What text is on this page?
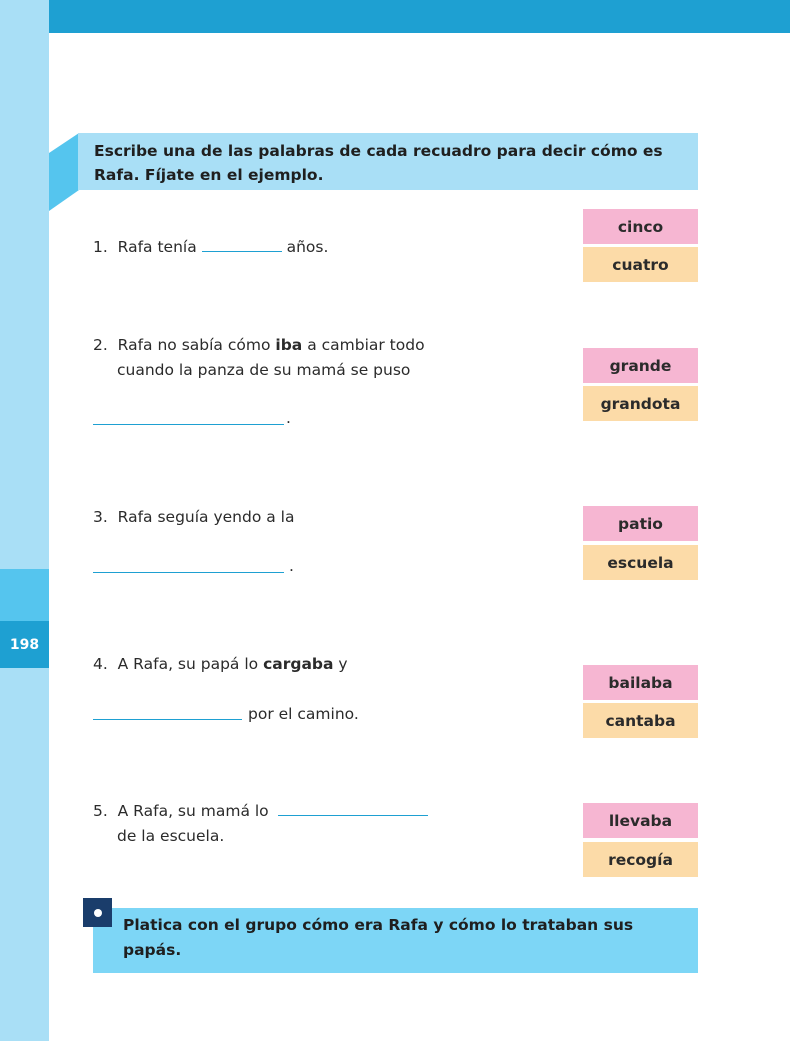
198
Escribe una de las palabras de cada recuadro para decir cómo es
Rafa. Fíjate en el ejemplo.
1. Rafa tenía	años.
cinco
cuatro
2. Rafa no sabía cómo iba a cambiar todo
cuando la panza de su mamá se puso
.
grande
grandota
3. Rafa seguía yendo a la
.
patio
escuela
4. A Rafa, su papá lo cargaba y
por el camino.
bailaba
cantaba
5. A Rafa, su mamá lo
de la escuela.
llevaba
recogía
Platica con el grupo cómo era Rafa y cómo lo trataban sus
papás.
